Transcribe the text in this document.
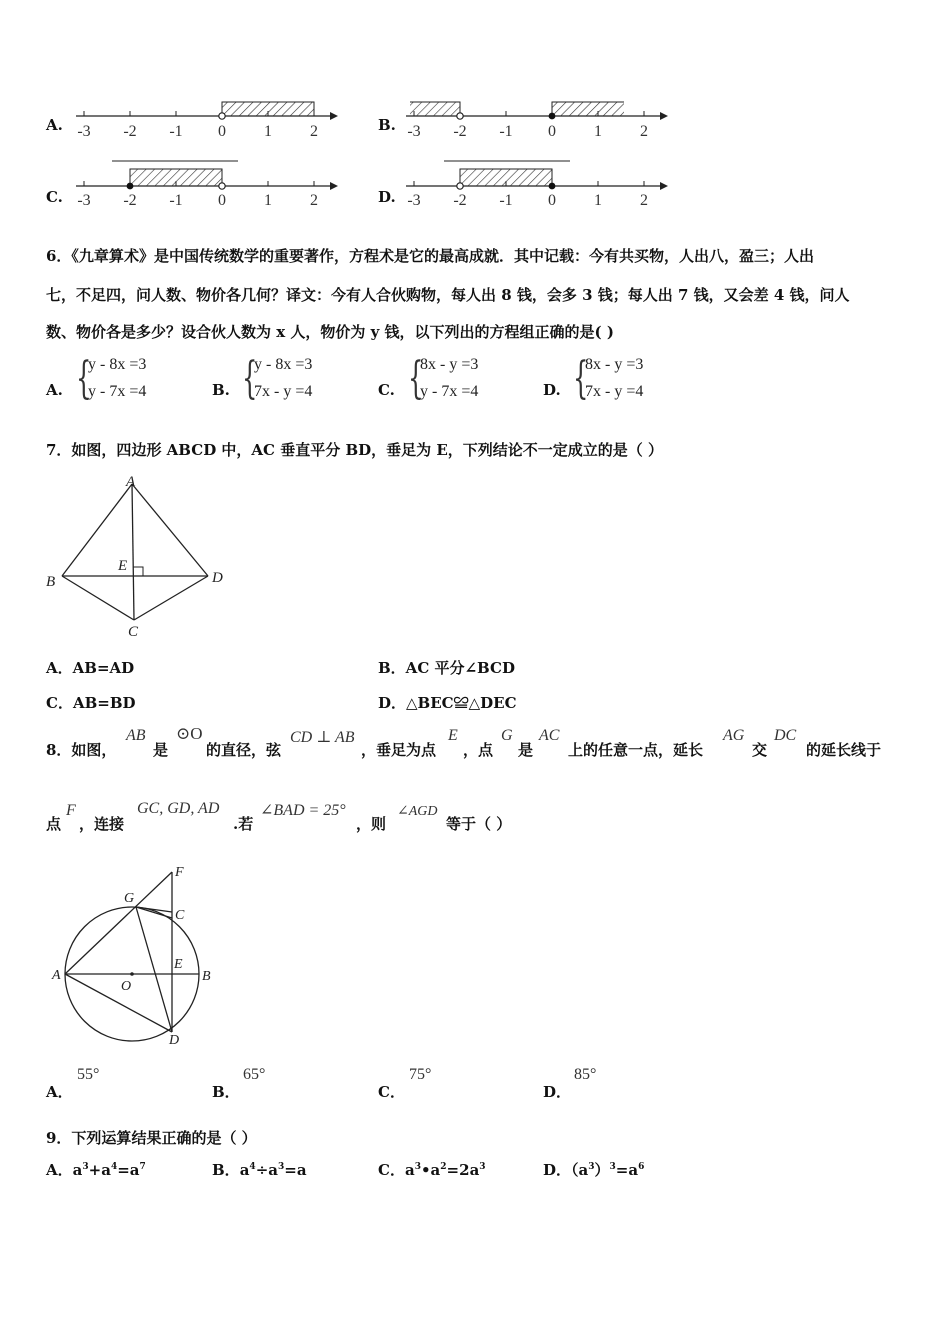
A. -3 -2 -1 0 1 2	B. -3 -2 -1 0 1 2
C. -3 -2 -1 0 1 2	D. -3 -2 -1 0 1 2
6．《九章算术》是中国传统数学的重要著作，方程术是它的最高成就．其中记载：今有共买物，人出八，盈三；人出
七，不足四，问人数、物价各几何？译文：今有人合伙购物，每人出 8 钱，会多 3 钱；每人出 7 钱，又会差 4 钱，问人
数、物价各是多少？设合伙人数为 x 人，物价为 y 钱，以下列出的方程组正确的是( )
A. {
y - 8x =3
y - 7x =4	B. {
y - 8x =3
7x - y =4	C. {
8x - y =3
y - 7x =4	D. {
8x - y =3
7x - y =4
7．如图，四边形 ABCD 中，AC 垂直平分 BD，垂足为 E，下列结论不一定成立的是（ ）
A
B
C
D
E
A．AB=AD	B．AC 平分∠BCD
C．AB=BD	D．△BEC≌△DEC
8．如图，
AB
是
⊙O
的直径，弦
CD ⊥ AB
，垂足为点
E
，点
G
是
AC
上的任意一点，延长
AG
交
DC
的延长线于
点
F
，连接
GC, GD, AD
.若
∠BAD = 25°
，则
∠AGD
等于（ ）
A	B
C
D
E
F
G
O
A．
55°
B．
65°
C．
75°
D．
85°
9．下列运算结果正确的是（ ）
A．$a^3+a^4=a^7$	B．$a^4\div a^3=a$	C．$a^3•a^2=2a^3$	D．$(a^3)^3=a^6$
